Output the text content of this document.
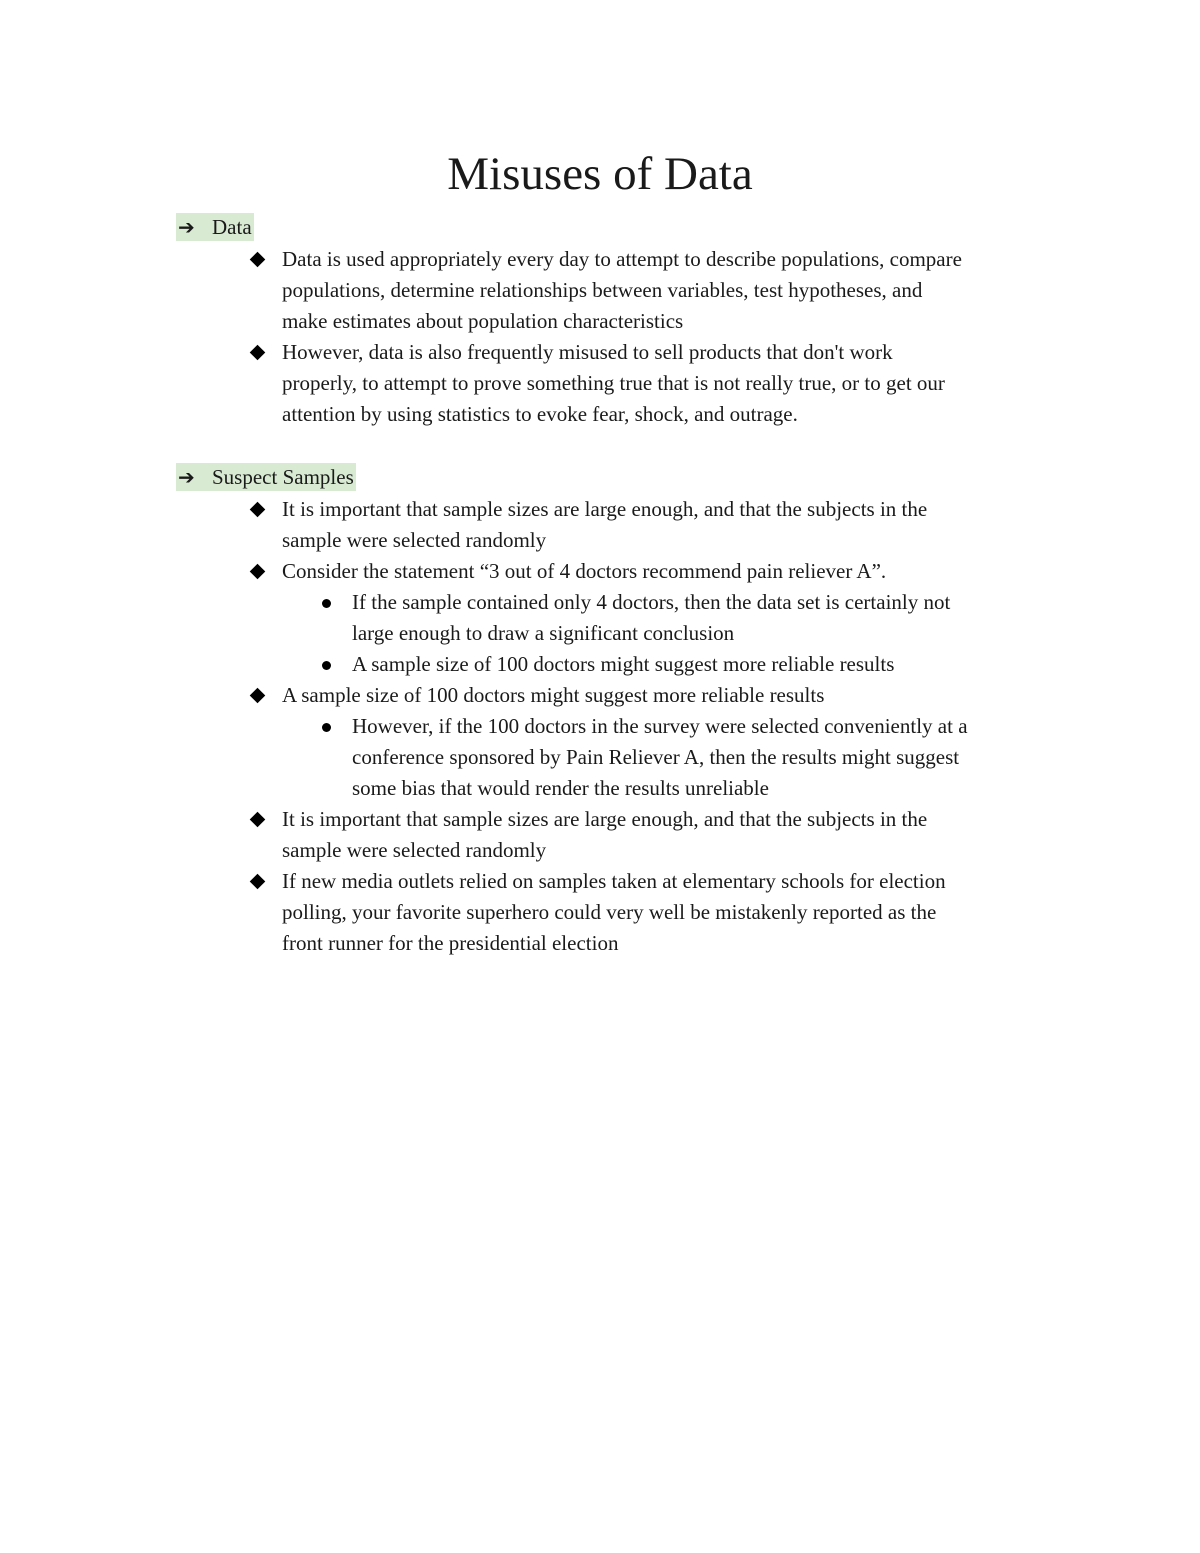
Misuses of Data
➔ Data
Data is used appropriately every day to attempt to describe populations, compare populations, determine relationships between variables, test hypotheses, and make estimates about population characteristics
However, data is also frequently misused to sell products that don't work properly, to attempt to prove something true that is not really true, or to get our attention by using statistics to evoke fear, shock, and outrage.
➔ Suspect Samples
It is important that sample sizes are large enough, and that the subjects in the sample were selected randomly
Consider the statement “3 out of 4 doctors recommend pain reliever A”.
If the sample contained only 4 doctors, then the data set is certainly not large enough to draw a significant conclusion
A sample size of 100 doctors might suggest more reliable results
A sample size of 100 doctors might suggest more reliable results
However, if the 100 doctors in the survey were selected conveniently at a conference sponsored by Pain Reliever A, then the results might suggest some bias that would render the results unreliable
It is important that sample sizes are large enough, and that the subjects in the sample were selected randomly
If new media outlets relied on samples taken at elementary schools for election polling, your favorite superhero could very well be mistakenly reported as the front runner for the presidential election
